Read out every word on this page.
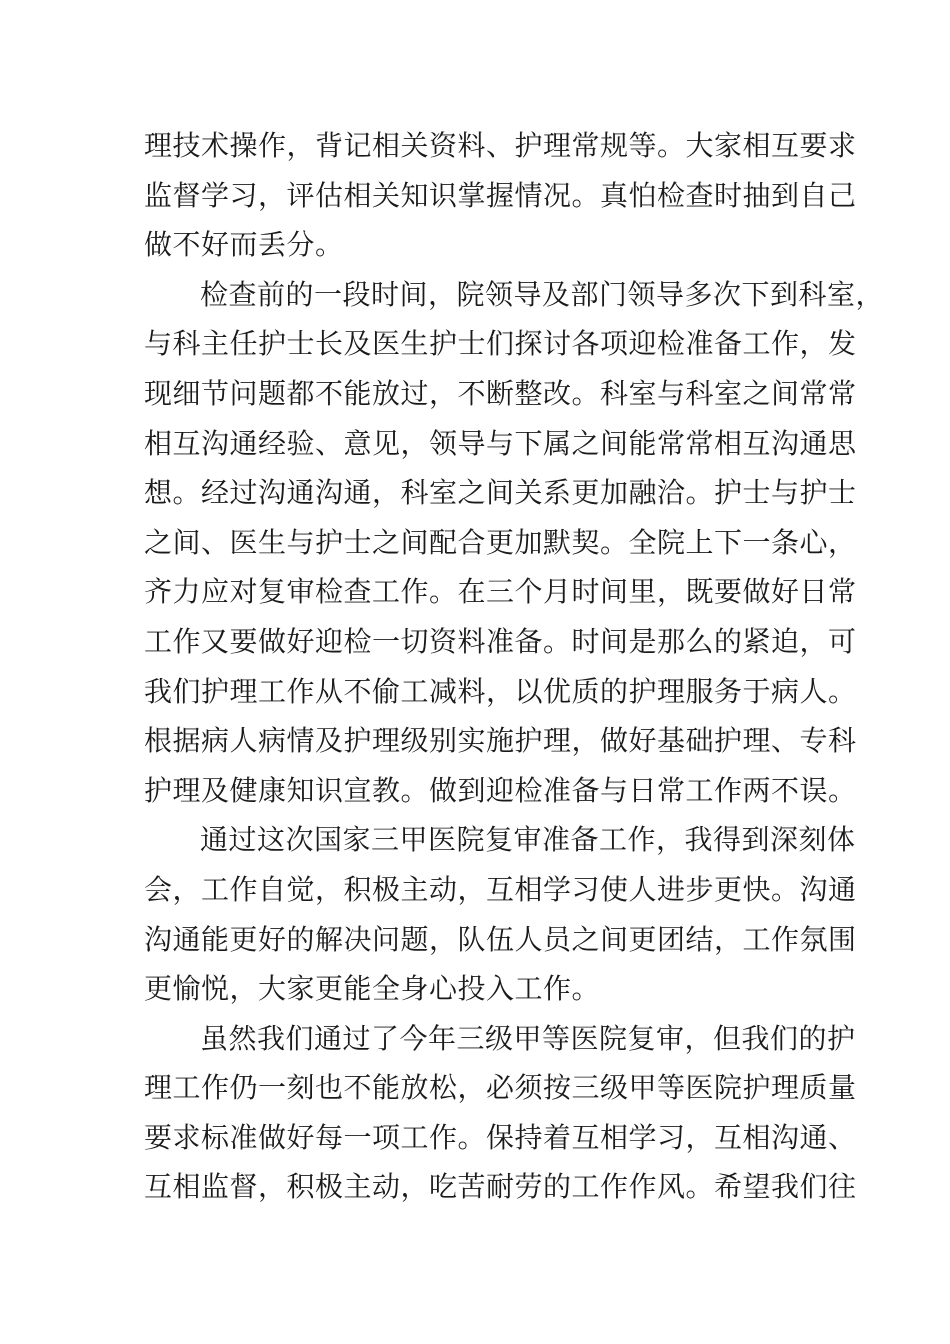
理技术操作，背记相关资料、护理常规等。大家相互要求
监督学习，评估相关知识掌握情况。真怕检查时抽到自己
做不好而丢分。
检查前的一段时间，院领导及部门领导多次下到科室，
与科主任护士长及医生护士们探讨各项迎检准备工作，发
现细节问题都不能放过，不断整改。科室与科室之间常常
相互沟通经验、意见，领导与下属之间能常常相互沟通思
想。经过沟通沟通，科室之间关系更加融洽。护士与护士
之间、医生与护士之间配合更加默契。全院上下一条心，
齐力应对复审检查工作。在三个月时间里，既要做好日常
工作又要做好迎检一切资料准备。时间是那么的紧迫，可
我们护理工作从不偷工减料，以优质的护理服务于病人。
根据病人病情及护理级别实施护理，做好基础护理、专科
护理及健康知识宣教。做到迎检准备与日常工作两不误。
通过这次国家三甲医院复审准备工作，我得到深刻体
会，工作自觉，积极主动，互相学习使人进步更快。沟通
沟通能更好的解决问题，队伍人员之间更团结，工作氛围
更愉悦，大家更能全身心投入工作。
虽然我们通过了今年三级甲等医院复审，但我们的护
理工作仍一刻也不能放松，必须按三级甲等医院护理质量
要求标准做好每一项工作。保持着互相学习，互相沟通、
互相监督，积极主动，吃苦耐劳的工作作风。希望我们往
